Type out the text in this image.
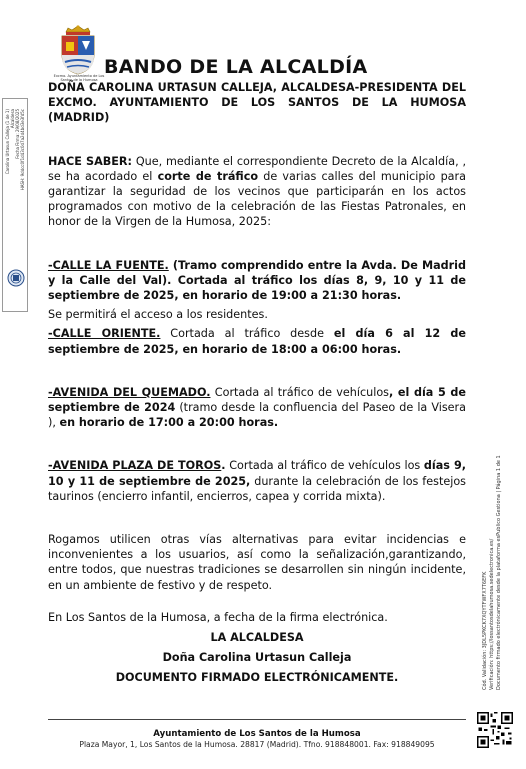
Excmo. Ayuntamiento de Los Santos de la Humosa
BANDO DE LA ALCALDÍA
Carolina Urtasun Calleja (1 de 1) Alcaldesa Fecha Firma: 29/08/2025 HASH: 9ddcc0f1d43c0d7a2d4bd3e3fd5c

DOÑA CAROLINA URTASUN CALLEJA, ALCALDESA-PRESIDENTA DEL EXCMO. AYUNTAMIENTO DE LOS SANTOS DE LA HUMOSA (MADRID)

HACE SABER: Que, mediante el correspondiente Decreto de la Alcaldía, , se ha acordado el corte de tráfico de varias calles del municipio para garantizar la seguridad de los vecinos que participarán en los actos programados con motivo de la celebración de las Fiestas Patronales, en honor de la Virgen de la Humosa, 2025:

-CALLE LA FUENTE. (Tramo comprendido entre la Avda. De Madrid y la Calle del Val). Cortada al tráfico los días 8, 9, 10 y 11 de septiembre de 2025, en horario de 19:00 a 21:30 horas.

Se permitirá el acceso a los residentes.

-CALLE ORIENTE. Cortada al tráfico desde el día 6 al 12 de septiembre de 2025, en horario de 18:00 a 06:00 horas.

-AVENIDA DEL QUEMADO. Cortada al tráfico de vehículos, el día 5 de septiembre de 2024 (tramo desde la confluencia del Paseo de la Visera ), en horario de 17:00 a 20:00 horas.

-AVENIDA PLAZA DE TOROS. Cortada al tráfico de vehículos los días 9, 10 y 11 de septiembre de 2025, durante la celebración de los festejos taurinos (encierro infantil, encierros, capea y corrida mixta).

Rogamos utilicen otras vías alternativas para evitar incidencias e inconvenientes a los usuarios, así como la señalización,garantizando, entre todos, que nuestras tradiciones se desarrollen sin ningún incidente, en un ambiente de festivo y de respeto.

En Los Santos de la Humosa, a fecha de la firma electrónica.

LA ALCALDESA

Doña Carolina Urtasun Calleja

DOCUMENTO FIRMADO ELECTRÓNICAMENTE.	Cód. Validación: 3JDL5PKCK7XQYTFWFX7T6EFK Verificación: https://lossantosdelahumosa.sedelectronica.es/ Documento firmado electrónicamente desde la plataforma esPublico Gestiona | Página 1 de 1
Ayuntamiento de Los Santos de la Humosa
Plaza Mayor, 1, Los Santos de la Humosa. 28817 (Madrid). Tfno. 918848001. Fax: 918849095
